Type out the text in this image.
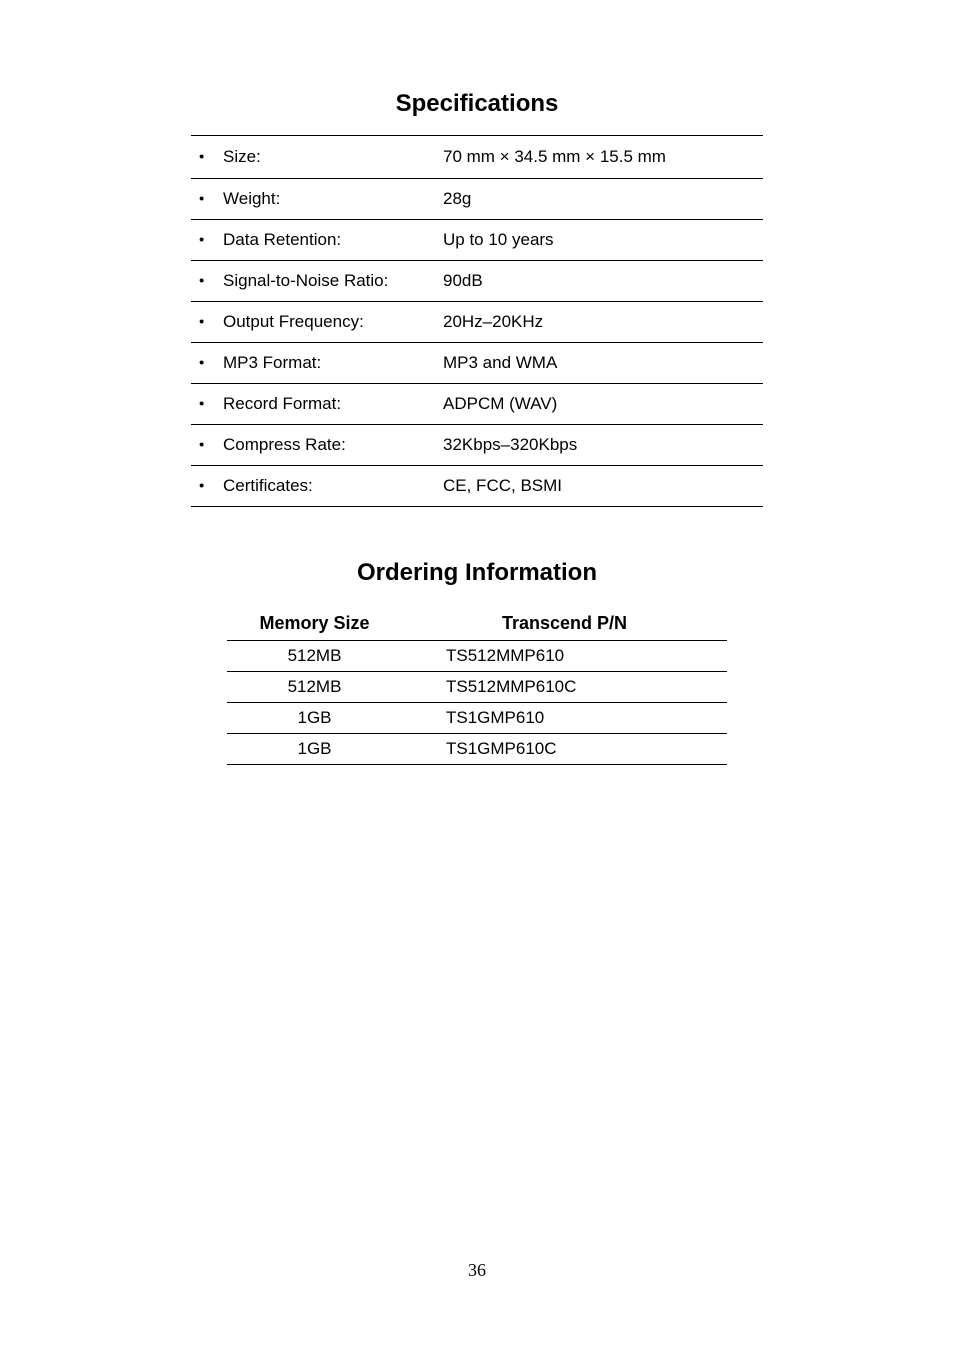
Specifications
• Size:	70 mm × 34.5 mm × 15.5 mm
• Weight:	28g
• Data Retention:	Up to 10 years
• Signal-to-Noise Ratio:	90dB
• Output Frequency:	20Hz–20KHz
• MP3 Format:	MP3 and WMA
• Record Format:	ADPCM (WAV)
• Compress Rate:	32Kbps–320Kbps
• Certificates:	CE, FCC, BSMI
Ordering Information
Memory Size	Transcend P/N
512MB	TS512MMP610
512MB	TS512MMP610C
1GB	TS1GMP610
1GB	TS1GMP610C
36
